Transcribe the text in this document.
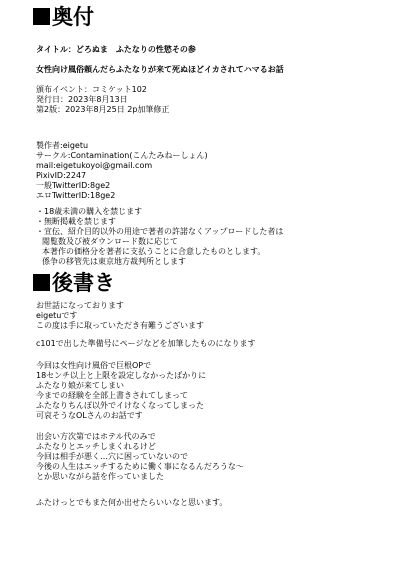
奥付
タイトル：どろぬま　ふたなりの性慾その参
女性向け風俗頼んだらふたなりが来て死ぬほどイカされてハマるお話
頒布イベント：コミケット102
発行日：2023年8月13日
第2版：2023年8月25日 2p加筆修正
製作者:eigetu
サークル:Contamination(こんたみねーしょん)
mail:eigetukoyoi@gmail.com
PixivID:2247
一般TwitterID:8ge2
エロTwitterID:18ge2
・18歳未満の購入を禁じます
・無断掲載を禁じます
・宣伝、紹介目的以外の用途で著者の許諾なくアップロードした者は
閲覧数及び被ダウンロード数に応じて
本著作の価格分を著者に支払うことに合意したものとします。
係争の移管先は東京地方裁判所とします
後書き
お世話になっております
eigetuです
この度は手に取っていただき有難うございます
c101で出した準備号にページなどを加筆したものになります
今回は女性向け風俗で巨根OPで
18センチ以上と上限を設定しなかったばかりに
ふたなり娘が来てしまい
今までの経験を全部上書きされてしまって
ふたなりちんぽ以外でイけなくなってしまった
可哀そうなOLさんのお話です
出会い方次第ではホテル代のみで
ふたなりとエッチしまくれるけど
今回は相手が悪く…穴に困っていないので
今後の人生はエッチするために働く事になるんだろうな～
とか思いながら話を作っていました
ふたけっとでもまた何か出せたらいいなと思います。
